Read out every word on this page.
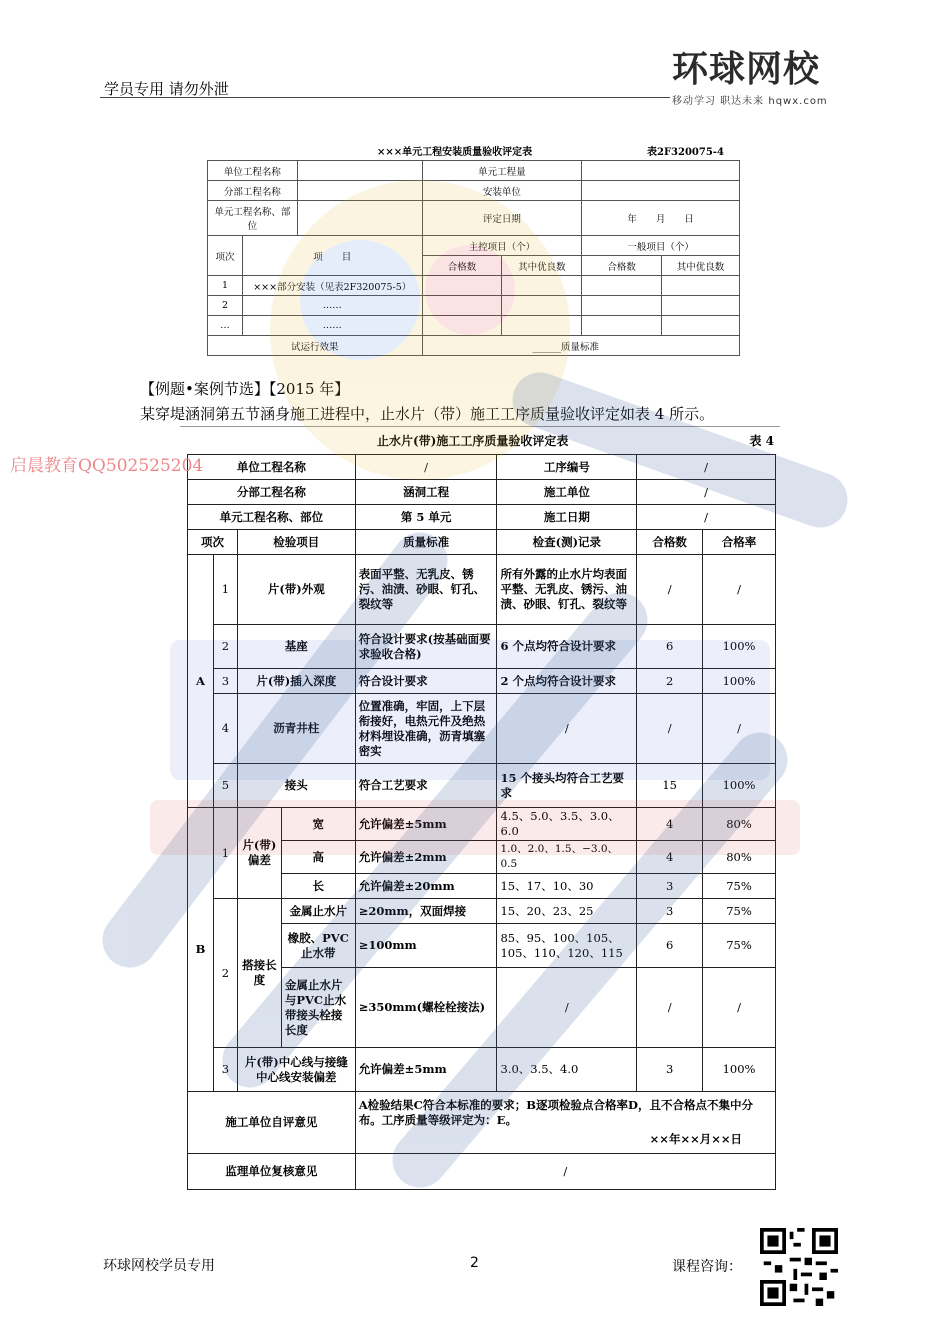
学员专用 请勿外泄	环球网校
移动学习 职达未来 hqwx.com
×××单元工程安装质量验收评定表	表2F320075-4
单位工程名称			单元工程量			
分部工程名称			安装单位			
单元工程名称、部位			评定日期		年　　月　　日	
项次	项　　目		主控项目（个）		一般项目（个）	
			合格数	其中优良数	合格数	其中优良数
1	×××部分安装（见表2F320075-5）					
2	……					
…	……					
试运行效果			______质量标准			
【例题•案例节选】【2015 年】
某穿堤涵洞第五节涵身施工进程中，止水片（带）施工工序质量验收评定如表 4 所示。
止水片(带)施工工序质量验收评定表	表 4
单位工程名称				/	工序编号	/	
分部工程名称				涵洞工程	施工单位	/	
单元工程名称、部位				第 5 单元	施工日期	/	
项次		检验项目		质量标准	检查(测)记录	合格数	合格率
A	1	片(带)外观		表面平整、无乳皮、锈污、油渍、砂眼、钉孔、裂纹等	所有外露的止水片均表面平整、无乳皮、锈污、油渍、砂眼、钉孔、裂纹等	/	/
	2	基座		符合设计要求(按基础面要求验收合格)	6 个点均符合设计要求	6	100%
	3	片(带)插入深度		符合设计要求	2 个点均符合设计要求	2	100%
	4	沥青井柱		位置准确，牢固，上下层衔接好，电热元件及绝热材料埋设准确，沥青填塞密实	/	/	/
	5	接头		符合工艺要求	15 个接头均符合工艺要求	15	100%
B	1	片(带)偏差	宽	允许偏差±5mm	4.5、5.0、3.5、3.0、6.0	4	80%
			高	允许偏差±2mm	1.0、2.0、1.5、−3.0、0.5	4	80%
			长	允许偏差±20mm	15、17、10、30	3	75%
	2	搭接长度	金属止水片	≥20mm，双面焊接	15、20、23、25	3	75%
			橡胶、PVC止水带	≥100mm	85、95、100、105、105、110、120、115	6	75%
			金属止水片与PVC止水带接头栓接长度	≥350mm(螺栓栓接法)	/	/	/
	3	片(带)中心线与接缝中心线安装偏差		允许偏差±5mm	3.0、3.5、4.0	3	100%
施工单位自评意见				A检验结果C符合本标准的要求；B逐项检验点合格率D，且不合格点不集中分布。工序质量等级评定为：E。
××年××月××日			

监理单位复核意见				/			
启晨教育QQ502525204
环球网校学员专用	2	课程咨询：
